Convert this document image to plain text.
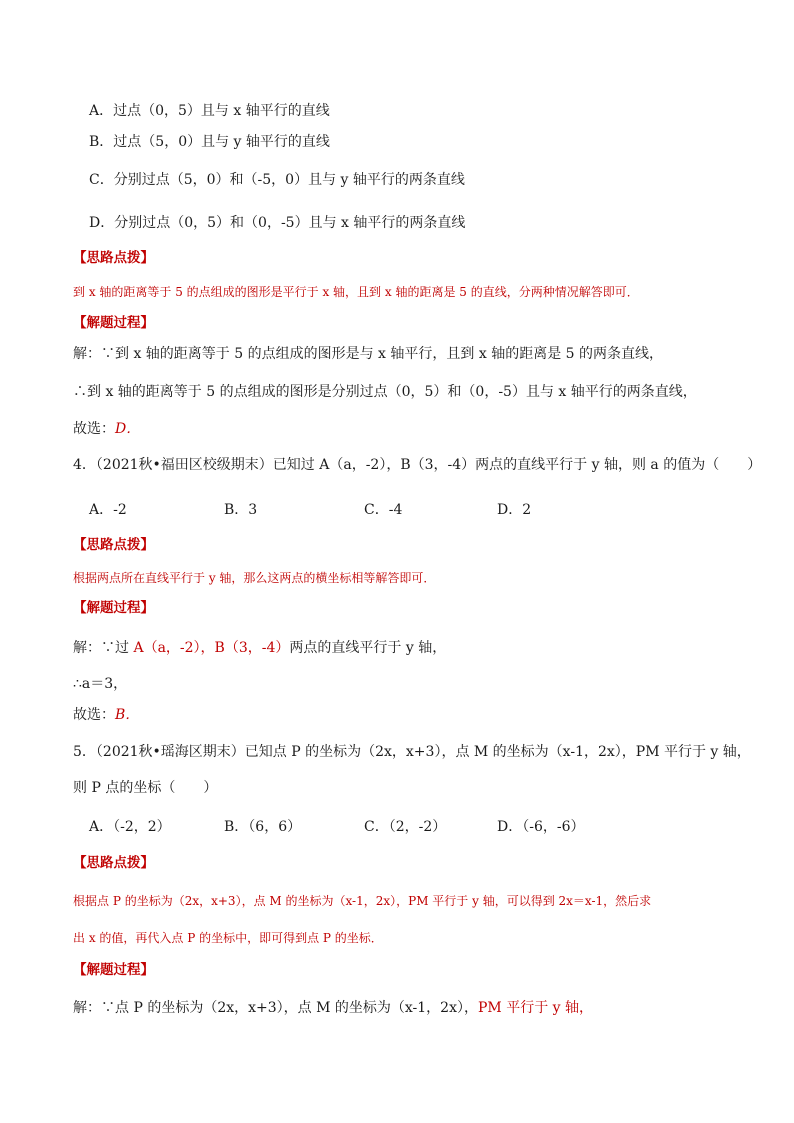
A．过点（0，5）且与 x 轴平行的直线
B．过点（5，0）且与 y 轴平行的直线
C．分别过点（5，0）和（-5，0）且与 y 轴平行的两条直线
D．分别过点（0，5）和（0，-5）且与 x 轴平行的两条直线
【思路点拨】
到 x 轴的距离等于 5 的点组成的图形是平行于 x 轴，且到 x 轴的距离是 5 的直线，分两种情况解答即可．
【解题过程】
解：∵到 x 轴的距离等于 5 的点组成的图形是与 x 轴平行，且到 x 轴的距离是 5 的两条直线，
∴到 x 轴的距离等于 5 的点组成的图形是分别过点（0，5）和（0，-5）且与 x 轴平行的两条直线，
故选：D．
4．（2021秋•福田区校级期末）已知过 A（a，-2），B（3，-4）两点的直线平行于 y 轴，则 a 的值为（　　）
A．-2	B．3	C．-4	D．2
【思路点拨】
根据两点所在直线平行于 y 轴，那么这两点的横坐标相等解答即可．
【解题过程】
解：∵过 A（a，-2），B（3，-4）两点的直线平行于 y 轴，
∴a＝3，
故选：B．
5．（2021秋•瑶海区期末）已知点 P 的坐标为（2x，x+3），点 M 的坐标为（x-1，2x），PM 平行于 y 轴，
则 P 点的坐标（　　）
A．（-2，2）	B．（6，6）	C．（2，-2）	D．（-6，-6）
【思路点拨】
根据点 P 的坐标为（2x，x+3），点 M 的坐标为（x-1，2x），PM 平行于 y 轴，可以得到 2x＝x-1，然后求
出 x 的值，再代入点 P 的坐标中，即可得到点 P 的坐标．
【解题过程】
解：∵点 P 的坐标为（2x，x+3），点 M 的坐标为（x-1，2x），PM 平行于 y 轴，
